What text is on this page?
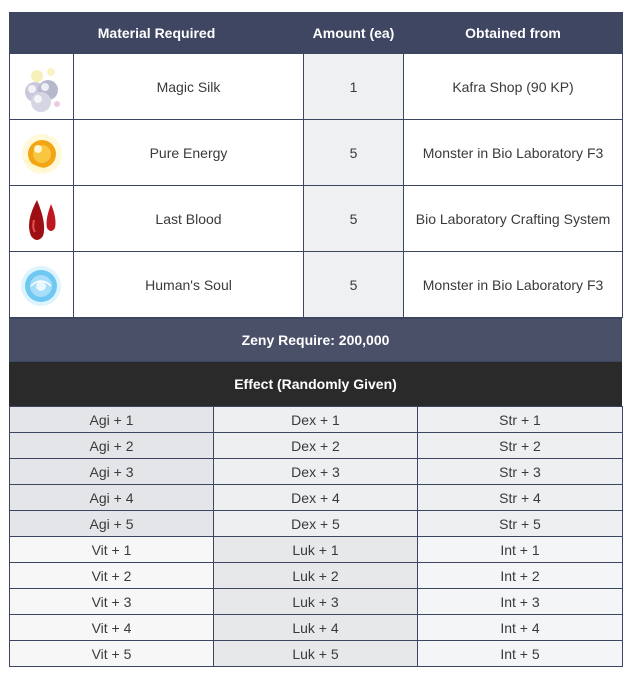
Material Required		Amount (ea)	Obtained from

	Magic Silk	1	Kafra Shop (90 KP)

	Pure Energy	5	Monster in Bio Laboratory F3

	Last Blood	5	Bio Laboratory Crafting System

	Human's Soul	5	Monster in Bio Laboratory F3
Zeny Require: 200,000
Effect (Randomly Given)
Agi + 1	Dex + 1	Str + 1
Agi + 2	Dex + 2	Str + 2
Agi + 3	Dex + 3	Str + 3
Agi + 4	Dex + 4	Str + 4
Agi + 5	Dex + 5	Str + 5
Vit + 1	Luk + 1	Int + 1
Vit + 2	Luk + 2	Int + 2
Vit + 3	Luk + 3	Int + 3
Vit + 4	Luk + 4	Int + 4
Vit + 5	Luk + 5	Int + 5
